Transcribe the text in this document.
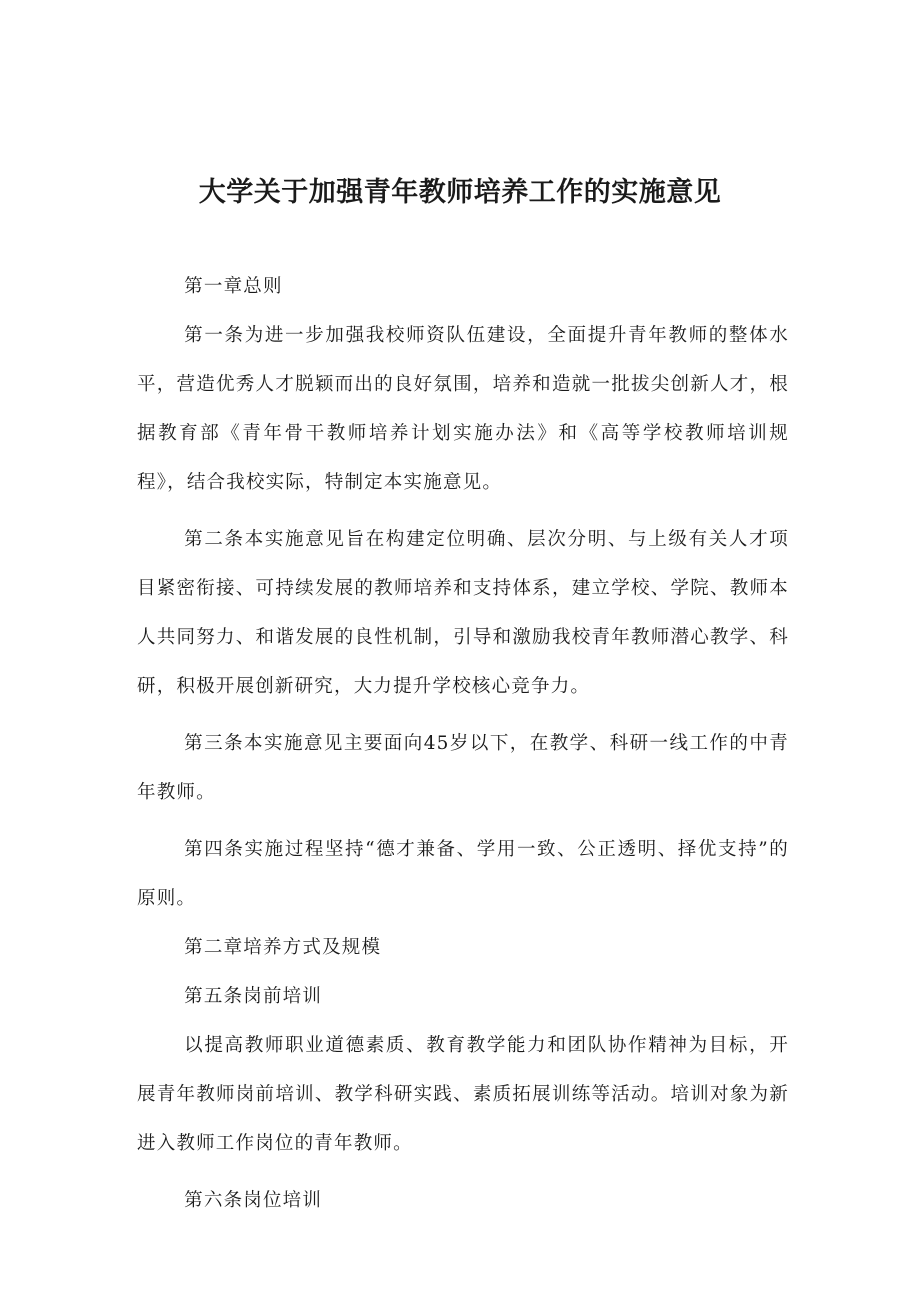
大学关于加强青年教师培养工作的实施意见

第一章总则

第一条为进一步加强我校师资队伍建设，全面提升青年教师的整体水平，营造优秀人才脱颖而出的良好氛围，培养和造就一批拔尖创新人才，根据教育部《青年骨干教师培养计划实施办法》和《高等学校教师培训规程》，结合我校实际，特制定本实施意见。

第二条本实施意见旨在构建定位明确、层次分明、与上级有关人才项目紧密衔接、可持续发展的教师培养和支持体系，建立学校、学院、教师本人共同努力、和谐发展的良性机制，引导和激励我校青年教师潜心教学、科研，积极开展创新研究，大力提升学校核心竞争力。

第三条本实施意见主要面向45岁以下，在教学、科研一线工作的中青年教师。

第四条实施过程坚持“德才兼备、学用一致、公正透明、择优支持”的原则。

第二章培养方式及规模

第五条岗前培训

以提高教师职业道德素质、教育教学能力和团队协作精神为目标，开展青年教师岗前培训、教学科研实践、素质拓展训练等活动。培训对象为新进入教师工作岗位的青年教师。

第六条岗位培训
